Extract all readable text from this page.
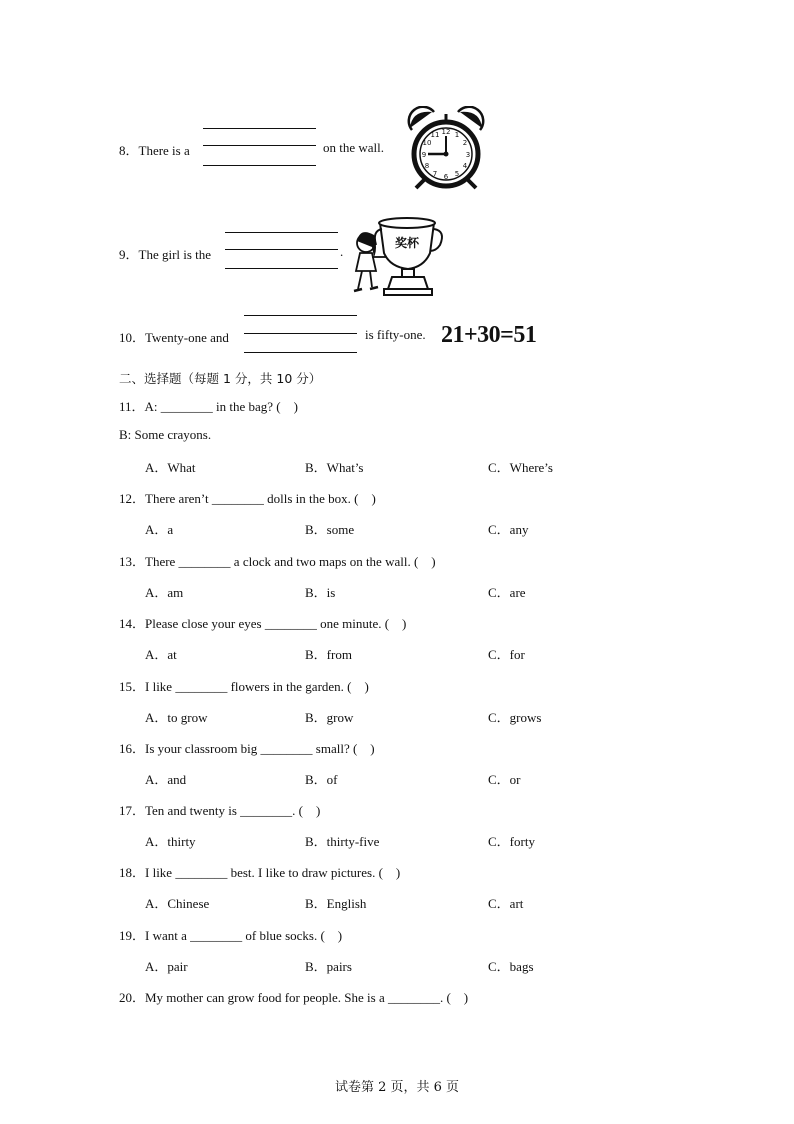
8．There is a	on the wall.
12 1
2
3
4
5
6
7
8
9
10
11
9．The girl is the	.
奖杯
10．Twenty-one and	is fifty-one. 21+30=51
二、选择题（每题 1 分，共 10 分）
11．A: ________ in the bag? (　)
B: Some crayons.
A．What	B．What’s	C．Where’s
12．There aren’t ________ dolls in the box. (　)
A．a	B．some	C．any
13．There ________ a clock and two maps on the wall. (　)
A．am	B．is	C．are
14．Please close your eyes ________ one minute. (　)
A．at	B．from	C．for
15．I like ________ flowers in the garden. (　)
A．to grow	B．grow	C．grows
16．Is your classroom big ________ small? (　)
A．and	B．of	C．or
17．Ten and twenty is ________. (　)
A．thirty	B．thirty-five	C．forty
18．I like ________ best. I like to draw pictures. (　)
A．Chinese	B．English	C．art
19．I want a ________ of blue socks. (　)
A．pair	B．pairs	C．bags
20．My mother can grow food for people. She is a ________. (　)
试卷第 2 页，共 6 页
